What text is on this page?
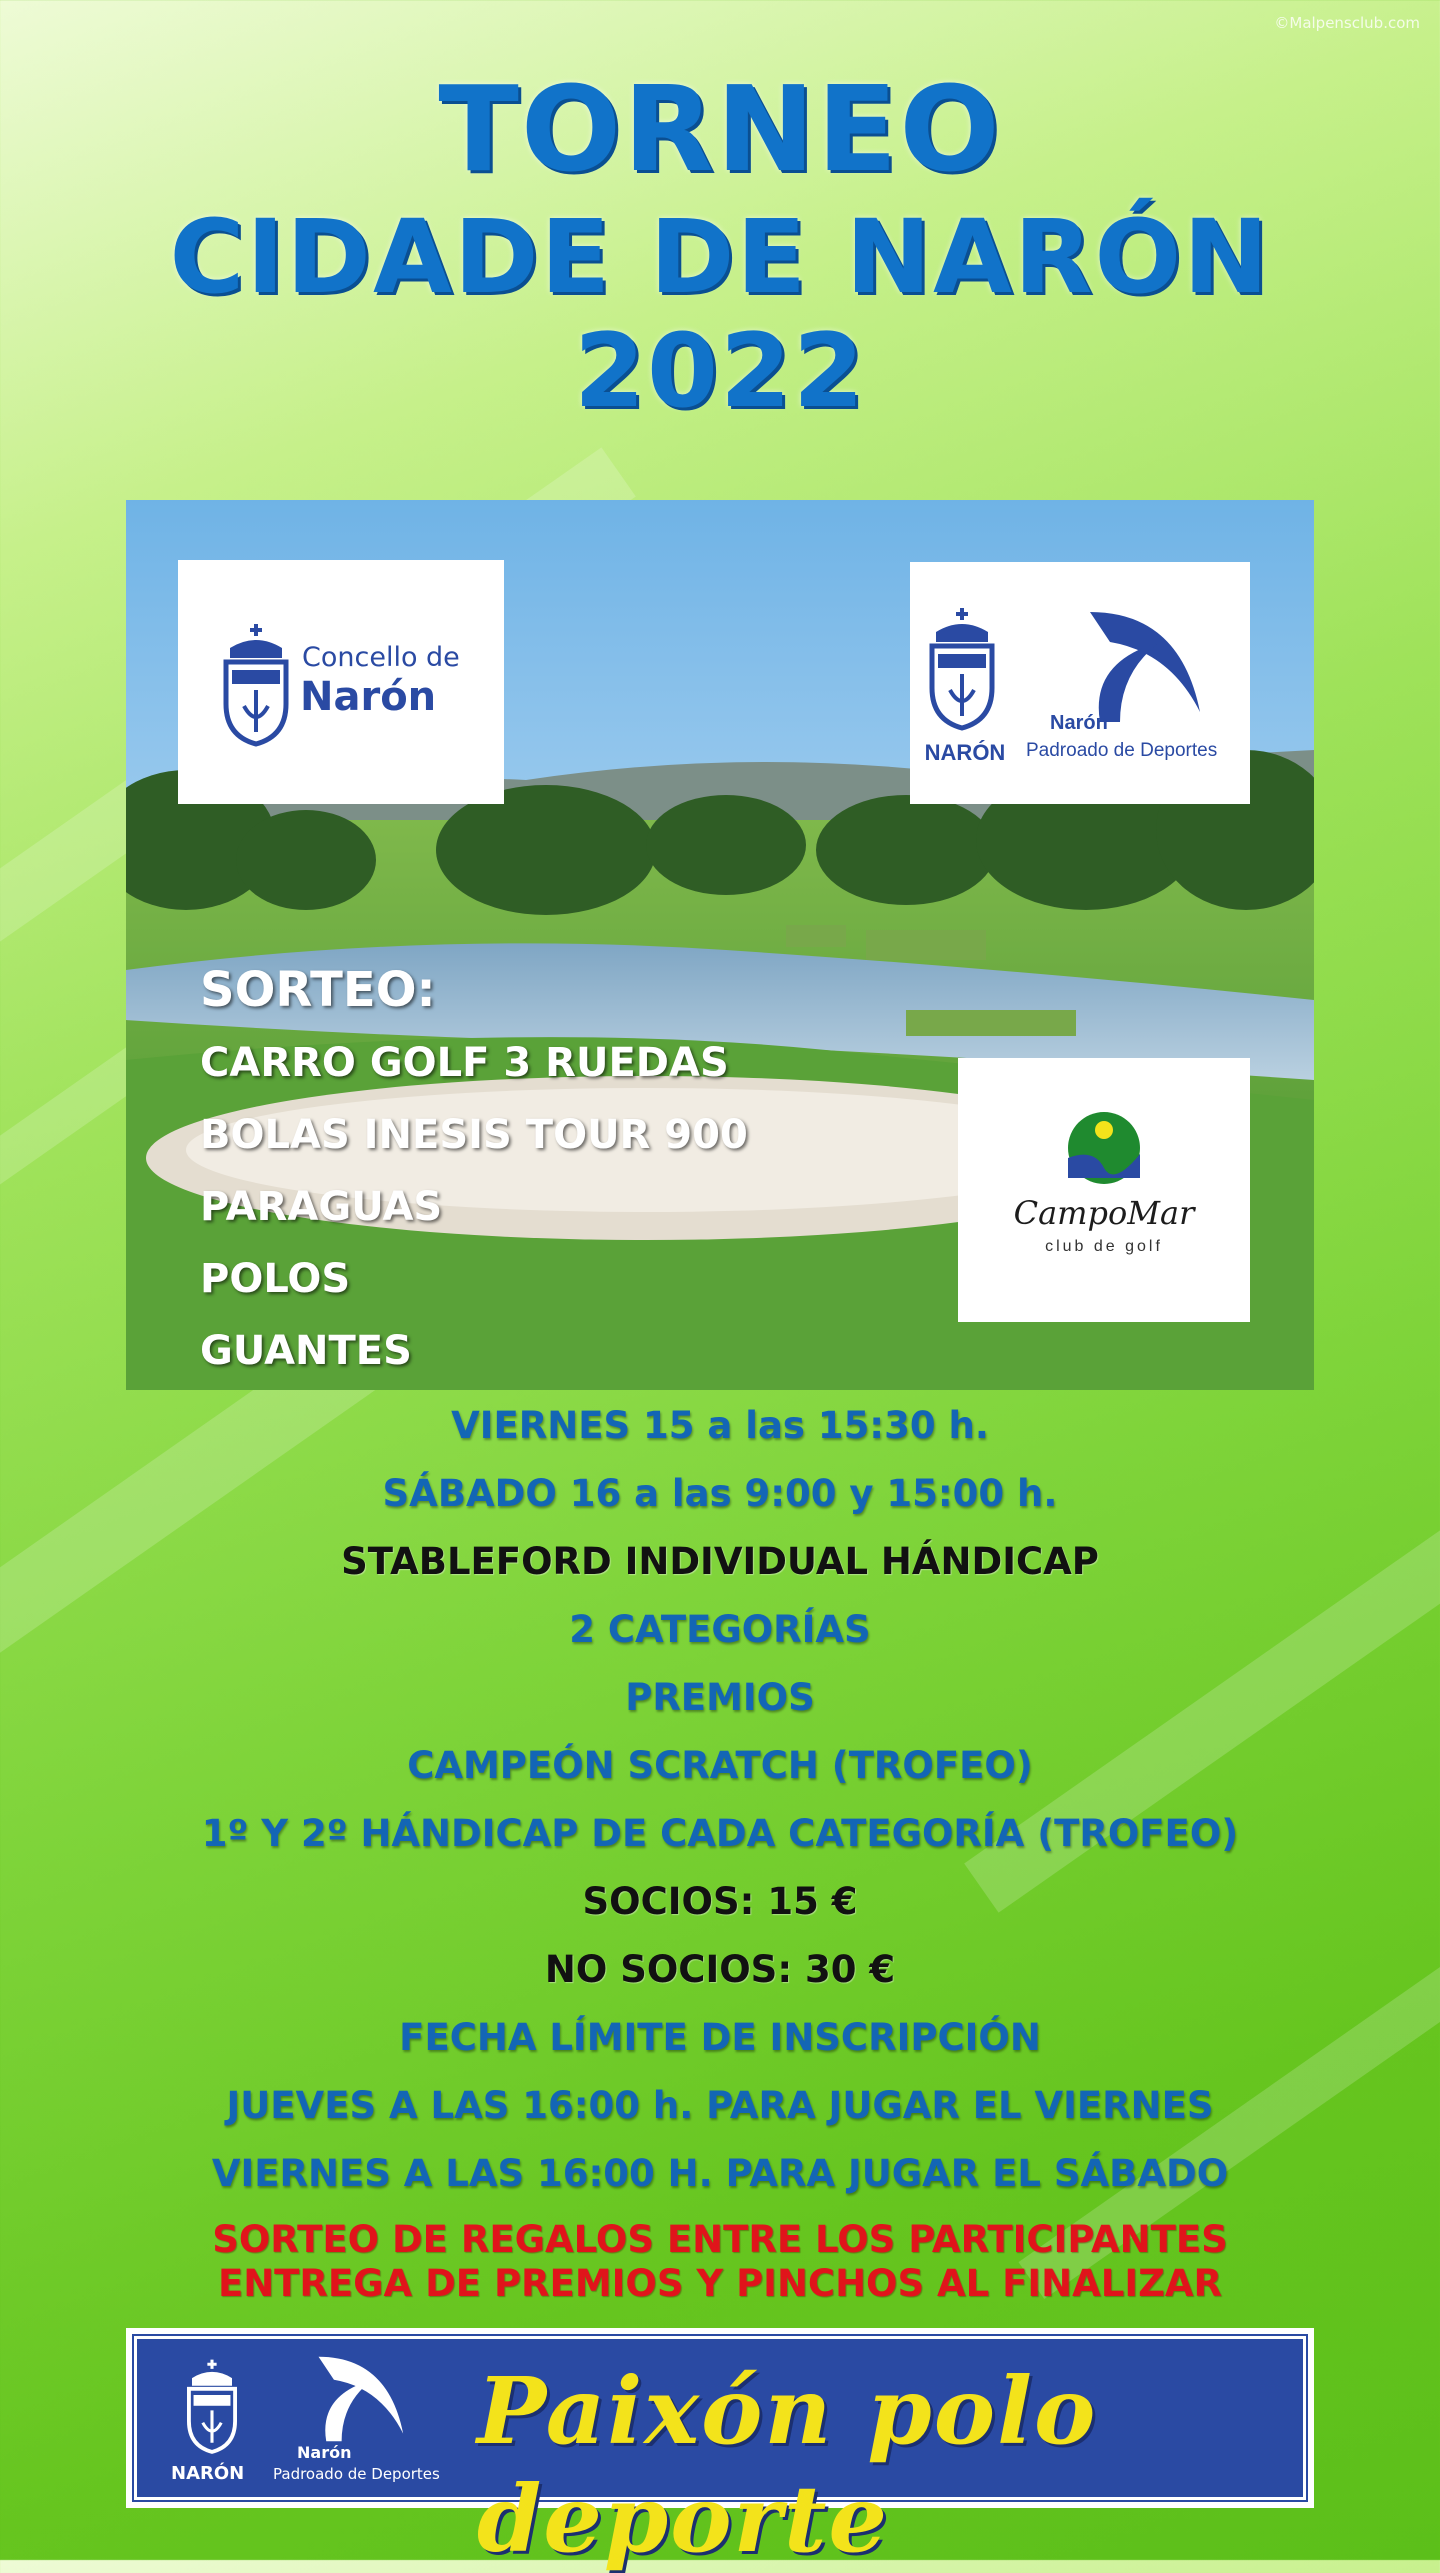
©Malpensclub.com
TORNEO
CIDADE DE NARÓN
2022
Concello de
Narón
NARÓN
Narón
Padroado de Deportes
CampoMar
club de golf
SORTEO:
CARRO GOLF 3 RUEDAS
BOLAS INESIS TOUR 900
PARAGUAS
POLOS
GUANTES
VIERNES 15 a las 15:30 h.
SÁBADO 16 a las 9:00 y 15:00 h.
STABLEFORD INDIVIDUAL HÁNDICAP
2 CATEGORÍAS
PREMIOS
CAMPEÓN SCRATCH (TROFEO)
1º Y 2º HÁNDICAP DE CADA CATEGORÍA (TROFEO)
SOCIOS: 15 €
NO SOCIOS: 30 €
FECHA LÍMITE DE INSCRIPCIÓN
JUEVES A LAS 16:00 h. PARA JUGAR EL VIERNES
VIERNES A LAS 16:00 H. PARA JUGAR EL SÁBADO
SORTEO DE REGALOS ENTRE LOS PARTICIPANTES
ENTREGA DE PREMIOS Y PINCHOS AL FINALIZAR
NARÓN
Narón
Padroado de Deportes
Paixón polo deporte
